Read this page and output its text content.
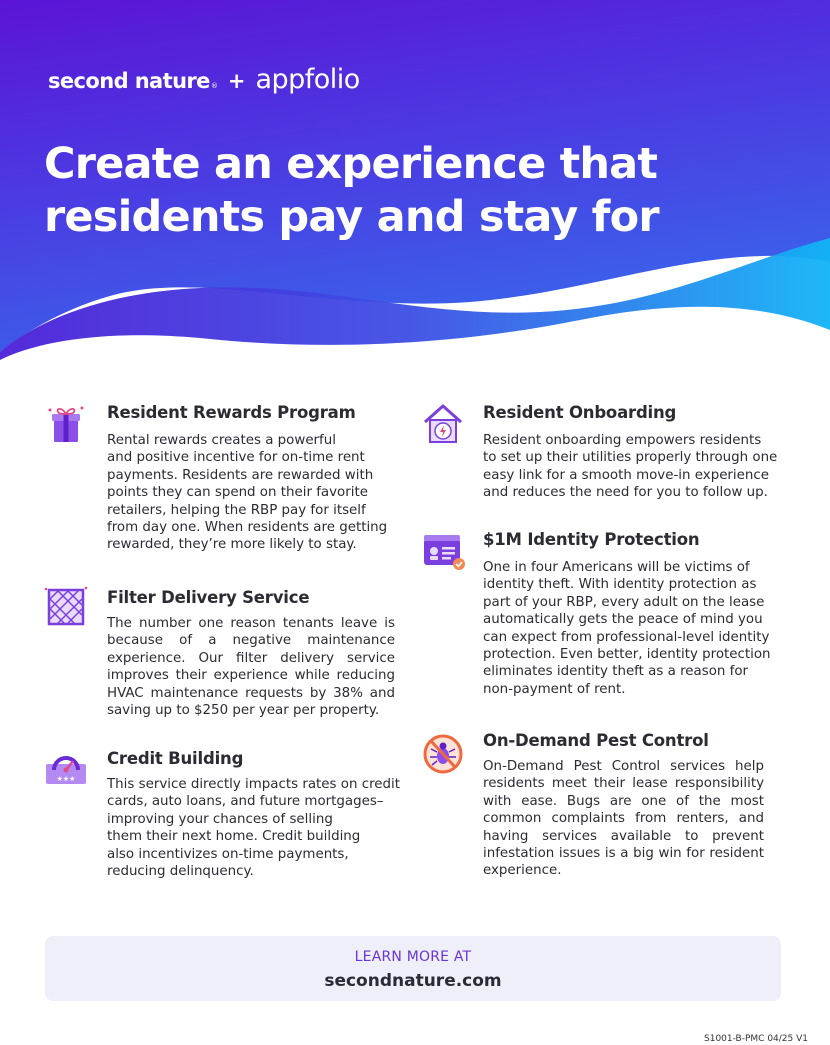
second nature ® + appfolio
Create an experience that
residents pay and stay for
Resident Rewards Program

Rental rewards creates a powerful
and positive incentive for on-time rent
payments. Residents are rewarded with
points they can spend on their favorite
retailers, helping the RBP pay for itself
from day one. When residents are getting
rewarded, they’re more likely to stay.

Filter Delivery Service

The number one reason tenants leave is because of a negative maintenance experience. Our filter delivery service improves their experience while reducing HVAC maintenance requests by 38% and saving up to $250 per year per property.

★★★
Credit Building

This service directly impacts rates on credit
cards, auto loans, and future mortgages–
improving your chances of selling
them their next home. Credit building
also incentivizes on-time payments,
reducing delinquency.

Resident Onboarding

Resident onboarding empowers residents
to set up their utilities properly through one
easy link for a smooth move-in experience
and reduces the need for you to follow up.

$1M Identity Protection

One in four Americans will be victims of
identity theft. With identity protection as
part of your RBP, every adult on the lease
automatically gets the peace of mind you
can expect from professional-level identity
protection. Even better, identity protection
eliminates identity theft as a reason for
non-payment of rent.

On-Demand Pest Control

On-Demand Pest Control services help residents meet their lease responsibility with ease. Bugs are one of the most common complaints from renters, and having services available to prevent infestation issues is a big win for resident experience.

LEARN MORE AT
secondnature.com
S1001-B-PMC 04/25 V1
